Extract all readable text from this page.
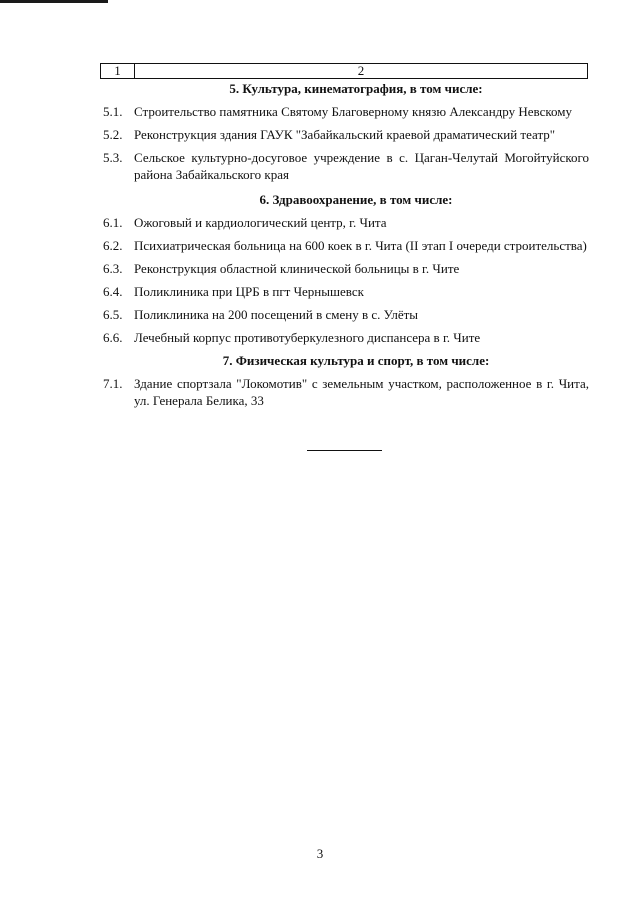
1	2
5. Культура, кинематография, в том числе:
5.1. Строительство памятника Святому Благоверному князю Александру Невскому
5.2. Реконструкция здания ГАУК "Забайкальский краевой драматический театр"
5.3. Сельское культурно-досуговое учреждение в с. Цаган-Челутай Могойтуйского района Забайкальского края
6. Здравоохранение, в том числе:
6.1. Ожоговый и кардиологический центр, г. Чита
6.2. Психиатрическая больница на 600 коек в г. Чита (II этап I очереди строительства)
6.3. Реконструкция областной клинической больницы в г. Чите
6.4. Поликлиника при ЦРБ в пгт Чернышевск
6.5. Поликлиника на 200 посещений в смену в с. Улёты
6.6. Лечебный корпус противотуберкулезного диспансера в г. Чите
7. Физическая культура и спорт, в том числе:
7.1. Здание спортзала "Локомотив" с земельным участком, расположенное в г. Чита, ул. Генерала Белика, 33
3
